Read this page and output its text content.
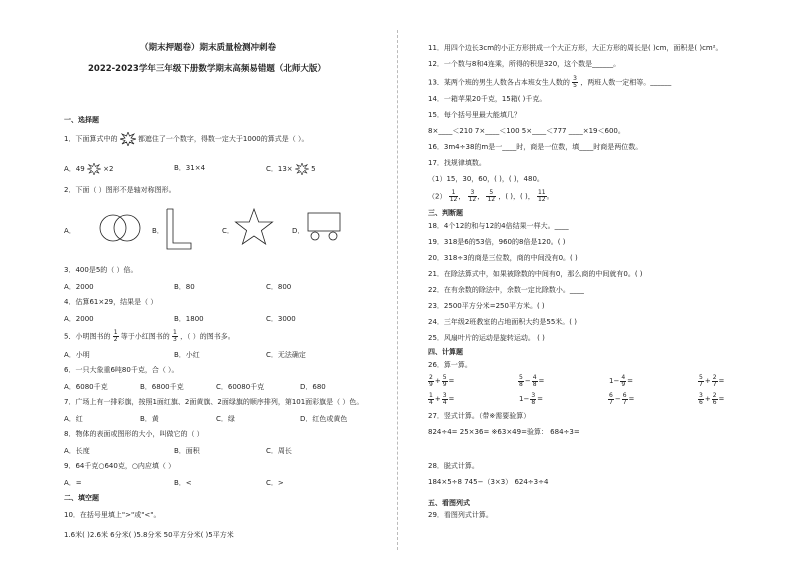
（期末押题卷）期末质量检测冲刺卷
2022-2023学年三年级下册数学期末高频易错题（北师大版）
一、选择题
1．下面算式中的	都遮住了一个数字，得数一定大于1000的算式是（ ）。
A．49	×2	B．31×4	C．13×	5
2．下面（ ）图形不是轴对称图形。
A．	B．	C．	D．
3．400是5的（ ）倍。
A．2000	B．80	C．800
4．估算61×29，结果是（ ）
A．2000	B．1800	C．3000
5．小明图书的 $\frac{1}{2}$ 等于小红图书的 $\frac{1}{3}$ ，（ ）的图书多。
A．小明	B．小红	C．无法确定
6．一只大象重6吨80千克，合（ ）。
A．6080千克	B．6800千克	C．60080千克	D．680
7．广场上有一排彩旗，按照1面红旗、2面黄旗、2面绿旗的顺序排列，第101面彩旗是（ ）色。
A．红	B．黄	C．绿	D．红色或黄色
8．物体的表面或图形的大小，叫做它的（ ）
A．长度	B．面积	C．周长
9．64千克○640克，○内应填（ ）
A．=	B．<	C．>
二、填空题
10．在括号里填上">"或"<"。
1.6米( )2.6米 6分米( )5.8分米 50平方分米( )5平方米
11．用四个边长3cm的小正方形拼成一个大正方形，大正方形的周长是( )cm，面积是( )cm²。
12．一个数与8和4连乘，所得的积是320，这个数是______。
13．某两个班的男生人数各占本班女生人数的 $\frac{3}{5}$ ，两班人数一定相等。______
14．一箱苹果20千克，15箱( )千克。
15．每个括号里最大能填几？
8×____＜210 7×____＜100 5×____＜777 ____×19＜600。
16．3m4÷38的m是一____时，商是一位数，填____时商是两位数。
17．找规律填数。
（1）15，30，60，( )，( )，480。
$(2) \frac{1}{12}$ ， $\frac{3}{12}$ ， $\frac{5}{12}$ ，( )，( )， $\frac{11}{12}$ 。
三、判断题
18．4个12的和与12的4倍结果一样大。____
19．318是6的53倍，960的8倍是120。( )
20．318÷3的商是三位数，商的中间没有0。( )
21．在除法算式中，如果被除数的中间有0，那么商的中间就有0。( )
22．在有余数的除法中，余数一定比除数小。____
23．2500平方分米=250平方米。( )
24．三年级2班教室的占地面积大约是55米。( )
25．风扇叶片的运动是旋转运动。 ( )
四、计算题
26．算一算。
$\frac{2}{9} + \frac{5}{9}$ =	$\frac{5}{8} - \frac{4}{8}$ =	$1- \frac{4}{9}$ =	$\frac{5}{7} + \frac{2}{7}$ =
$\frac{1}{4} + \frac{3}{4}$ =	$1- \frac{3}{8}$ =	$\frac{6}{7} - \frac{6}{7}$ =	$\frac{3}{6} + \frac{2}{6}$ =
27．竖式计算。（带※需要验算）
824÷4= 25×36= ※63×49=验算： 684÷3=
28．脱式计算。
184×5÷8 745−（3×3） 624÷3÷4
五、看图列式
29．看图列式计算。
